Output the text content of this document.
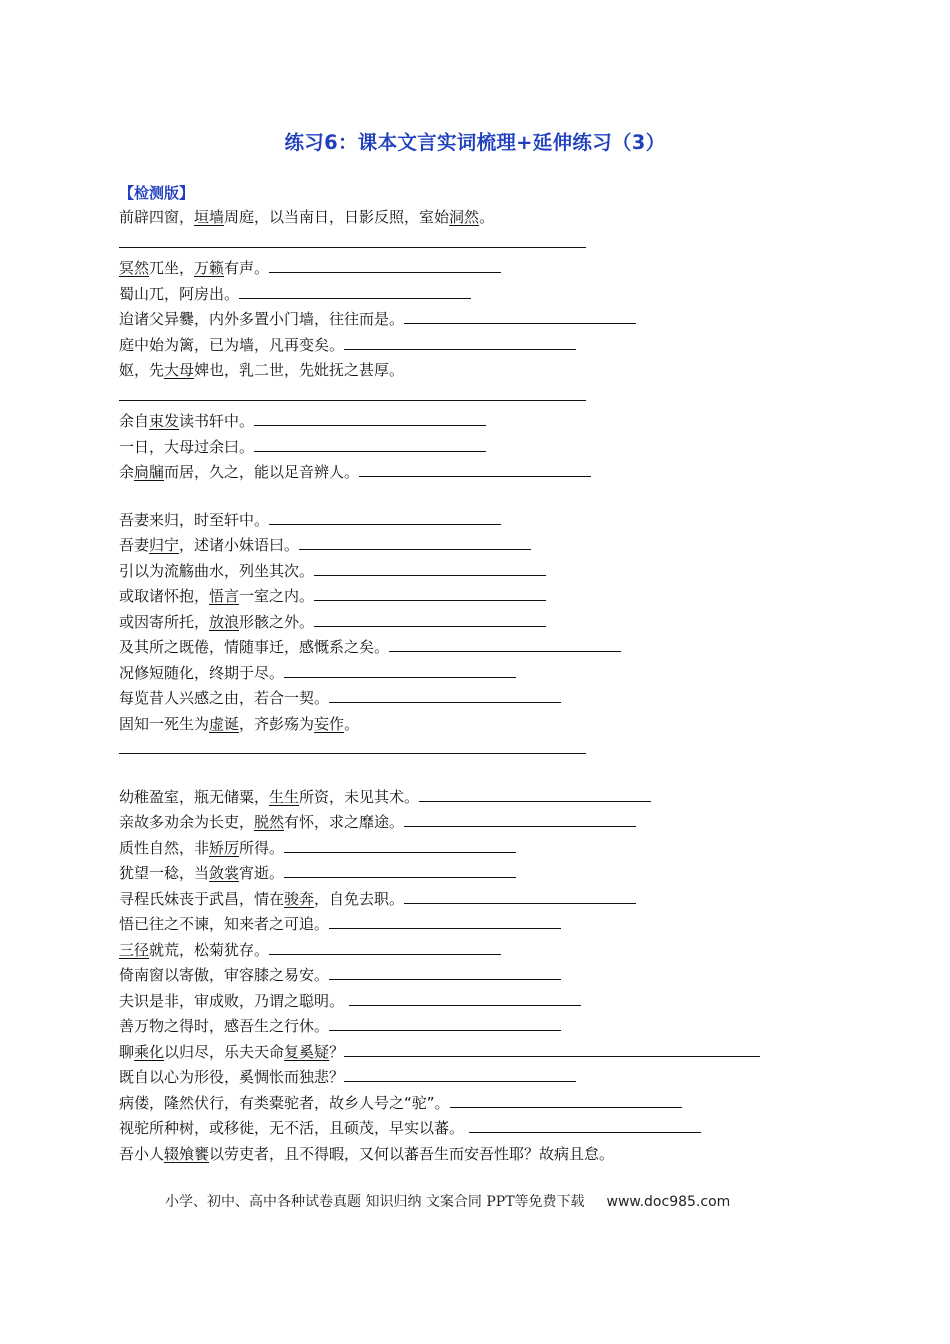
练习6：课本文言实词梳理+延伸练习（3）
【检测版】
前辟四窗，垣墙周庭，以当南日，日影反照，室始洞然。
冥然兀坐，万籁有声。
蜀山兀，阿房出。
迨诸父异爨，内外多置小门墙，往往而是。
庭中始为篱，已为墙，凡再变矣。
妪，先大母婢也，乳二世，先妣抚之甚厚。
余自束发读书轩中。
一日，大母过余曰。
余扃牖而居，久之，能以足音辨人。
吾妻来归，时至轩中。
吾妻归宁，述诸小妹语曰。
引以为流觞曲水，列坐其次。
或取诸怀抱，悟言一室之内。
或因寄所托，放浪形骸之外。
及其所之既倦，情随事迁，感慨系之矣。
况修短随化，终期于尽。
每览昔人兴感之由，若合一契。
固知一死生为虚诞，齐彭殇为妄作。
幼稚盈室，瓶无储粟，生生所资，未见其术。
亲故多劝余为长吏，脱然有怀，求之靡途。
质性自然，非矫厉所得。
犹望一稔，当敛裳宵逝。
寻程氏妹丧于武昌，情在骏奔，自免去职。
悟已往之不谏，知来者之可追。
三径就荒，松菊犹存。
倚南窗以寄傲，审容膝之易安。
夫识是非，审成败，乃谓之聪明。
善万物之得时，感吾生之行休。
聊乘化以归尽，乐夫天命复奚疑？
既自以心为形役，奚惆怅而独悲？
病偻，隆然伏行，有类橐驼者，故乡人号之“驼”。
视驼所种树，或移徙，无不活，且硕茂，早实以蕃。
吾小人辍飧饔以劳吏者，且不得暇，又何以蕃吾生而安吾性耶？故病且怠。
小学、初中、高中各种试卷真题 知识归纳 文案合同 PPT等免费下载 www.doc985.com
